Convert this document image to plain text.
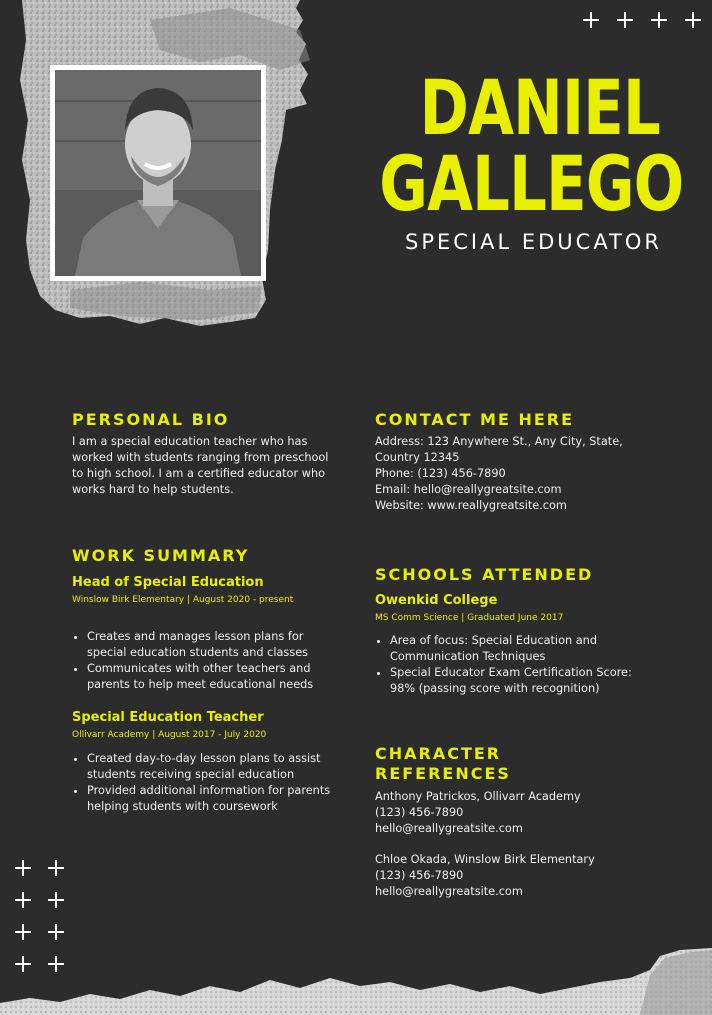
DANIEL
GALLEGO
SPECIAL EDUCATOR
PERSONAL BIO
I am a special education teacher who has
worked with students ranging from preschool
to high school. I am a certified educator who
works hard to help students.
CONTACT ME HERE
Address: 123 Anywhere St., Any City, State,
Country 12345
Phone: (123) 456-7890
Email: hello@reallygreatsite.com
Website: www.reallygreatsite.com
WORK SUMMARY
Head of Special Education
Winslow Birk Elementary | August 2020 - present
• Creates and manages lesson plans for
special education students and classes
• Communicates with other teachers and
parents to help meet educational needs
Special Education Teacher
Ollivarr Academy | August 2017 - July 2020
• Created day-to-day lesson plans to assist
students receiving special education
• Provided additional information for parents
helping students with coursework
SCHOOLS ATTENDED
Owenkid College
MS Comm Science | Graduated June 2017
• Area of focus: Special Education and
Communication Techniques
• Special Educator Exam Certification Score:
98% (passing score with recognition)
CHARACTER
REFERENCES
Anthony Patrickos, Ollivarr Academy
(123) 456-7890
hello@reallygreatsite.com
Chloe Okada, Winslow Birk Elementary
(123) 456-7890
hello@reallygreatsite.com
